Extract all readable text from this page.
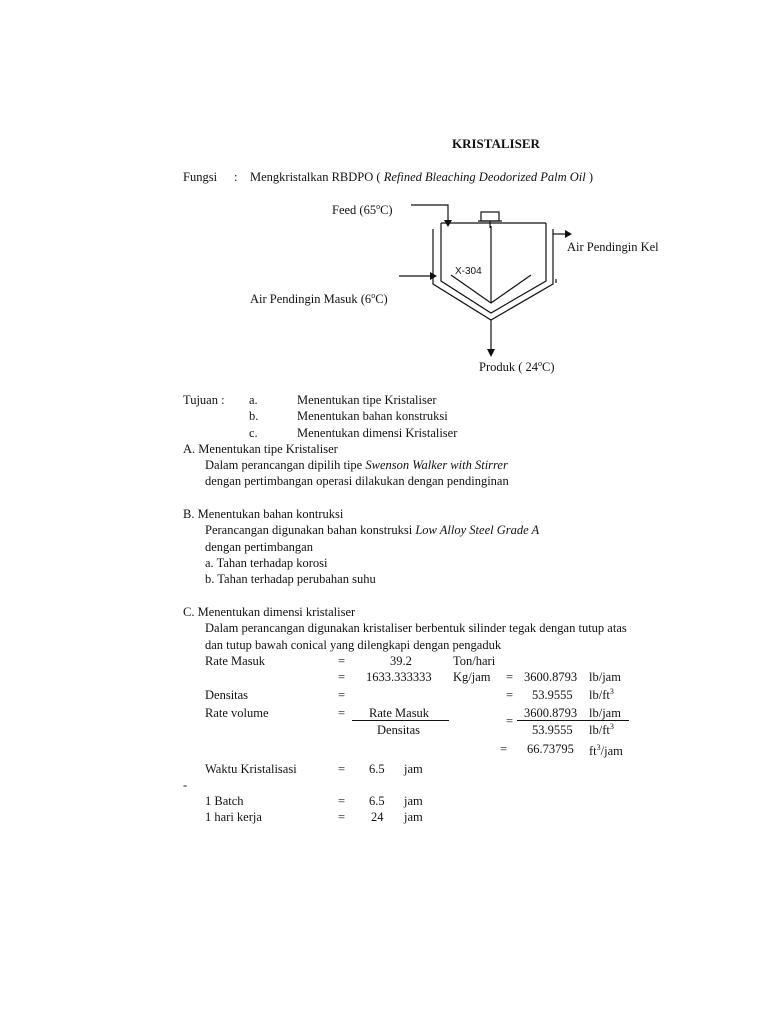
KRISTALISER
Fungsi : Mengkristalkan RBDPO ( Refined Bleaching Deodorized Palm Oil )
Feed (65$^o$C)
Air Pendingin Kel
X-304
Air Pendingin Masuk (6$^o$C)
Produk ( 24$^o$C)
Tujuan : a.	Menentukan tipe Kristaliser
b.	Menentukan bahan konstruksi
c.	Menentukan dimensi Kristaliser
A. Menentukan tipe Kristaliser
Dalam perancangan dipilih tipe Swenson Walker with Stirrer
dengan pertimbangan operasi dilakukan dengan pendinginan
B. Menentukan bahan kontruksi
Perancangan digunakan bahan konstruksi Low Alloy Steel Grade A
dengan pertimbangan
a. Tahan terhadap korosi
b. Tahan terhadap perubahan suhu
C. Menentukan dimensi kristaliser
Dalam perancangan digunakan kristaliser berbentuk silinder tegak dengan tutup atas
dan tutup bawah conical yang dilengkapi dengan pengaduk
Rate Masuk	=	39.2	Ton/hari
= 1633.333333 Kg/jam = 3600.8793 lb/jam
Densitas	=	= 53.9555 $lb/ft^3$
Rate volume	= Rate Masuk
Densitas
3600.8793 lb/jam
=
53.9555 $lb/ft^3$
= 66.73795 $ft^3$/jam
Waktu Kristalisasi	= 6.5 jam
-
1 Batch	= 6.5 jam
1 hari kerja	= 24 jam
